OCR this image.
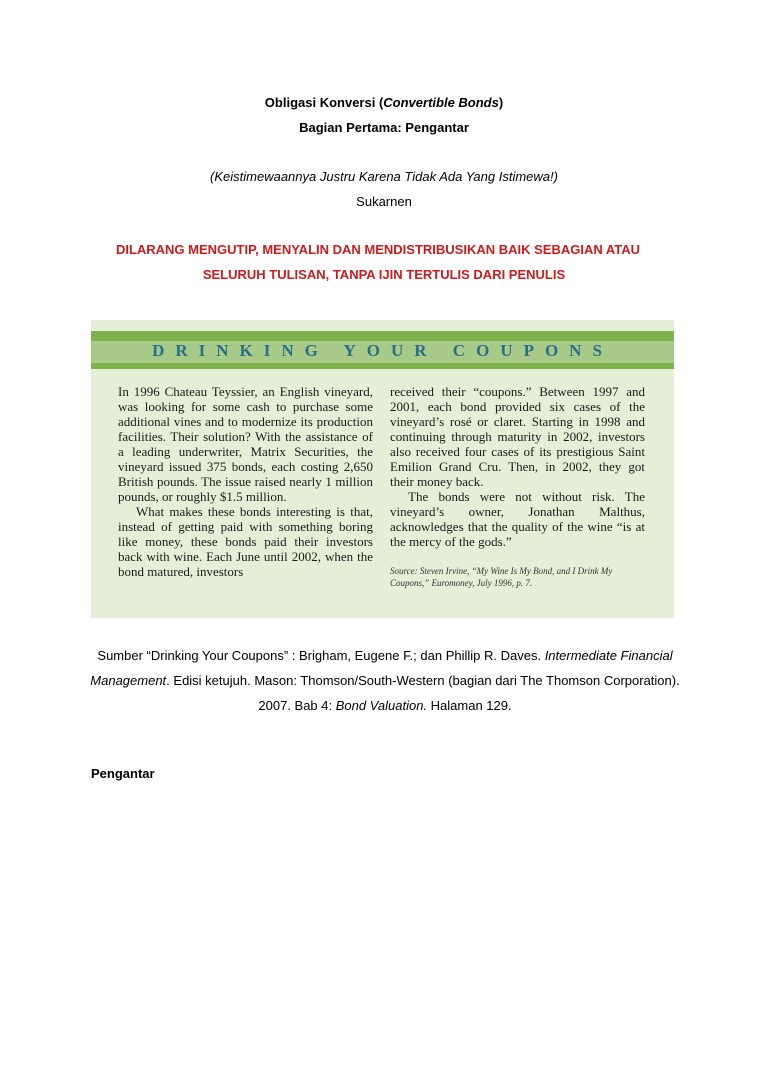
Obligasi Konversi (Convertible Bonds)
Bagian Pertama: Pengantar
(Keistimewaannya Justru Karena Tidak Ada Yang Istimewa!)
Sukarnen
DILARANG MENGUTIP, MENYALIN DAN MENDISTRIBUSIKAN BAIK SEBAGIAN ATAU
SELURUH TULISAN, TANPA IJIN TERTULIS DARI PENULIS
DRINKING YOUR COUPONS

In 1996 Chateau Teyssier, an English vineyard, was looking for some cash to purchase some additional vines and to modernize its production facilities. Their solution? With the assistance of a leading underwriter, Matrix Securities, the vineyard issued 375 bonds, each costing 2,650 British pounds. The issue raised nearly 1 million pounds, or roughly $1.5 million.

What makes these bonds interesting is that, instead of getting paid with something boring like money, these bonds paid their investors back with wine. Each June until 2002, when the bond matured, investors

received their “coupons.” Between 1997 and 2001, each bond provided six cases of the vineyard’s rosé or claret. Starting in 1998 and continuing through maturity in 2002, investors also received four cases of its prestigious Saint Emilion Grand Cru. Then, in 2002, they got their money back.

The bonds were not without risk. The vineyard’s owner, Jonathan Malthus, acknowledges that the quality of the wine “is at the mercy of the gods.”

Source: Steven Irvine, “My Wine Is My Bond, and I Drink My Coupons,” Euromoney, July 1996, p. 7.

Sumber “Drinking Your Coupons” : Brigham, Eugene F.; dan Phillip R. Daves. Intermediate Financial Management. Edisi ketujuh. Mason: Thomson/South-Western (bagian dari The Thomson Corporation). 2007. Bab 4: Bond Valuation. Halaman 129.
Pengantar
